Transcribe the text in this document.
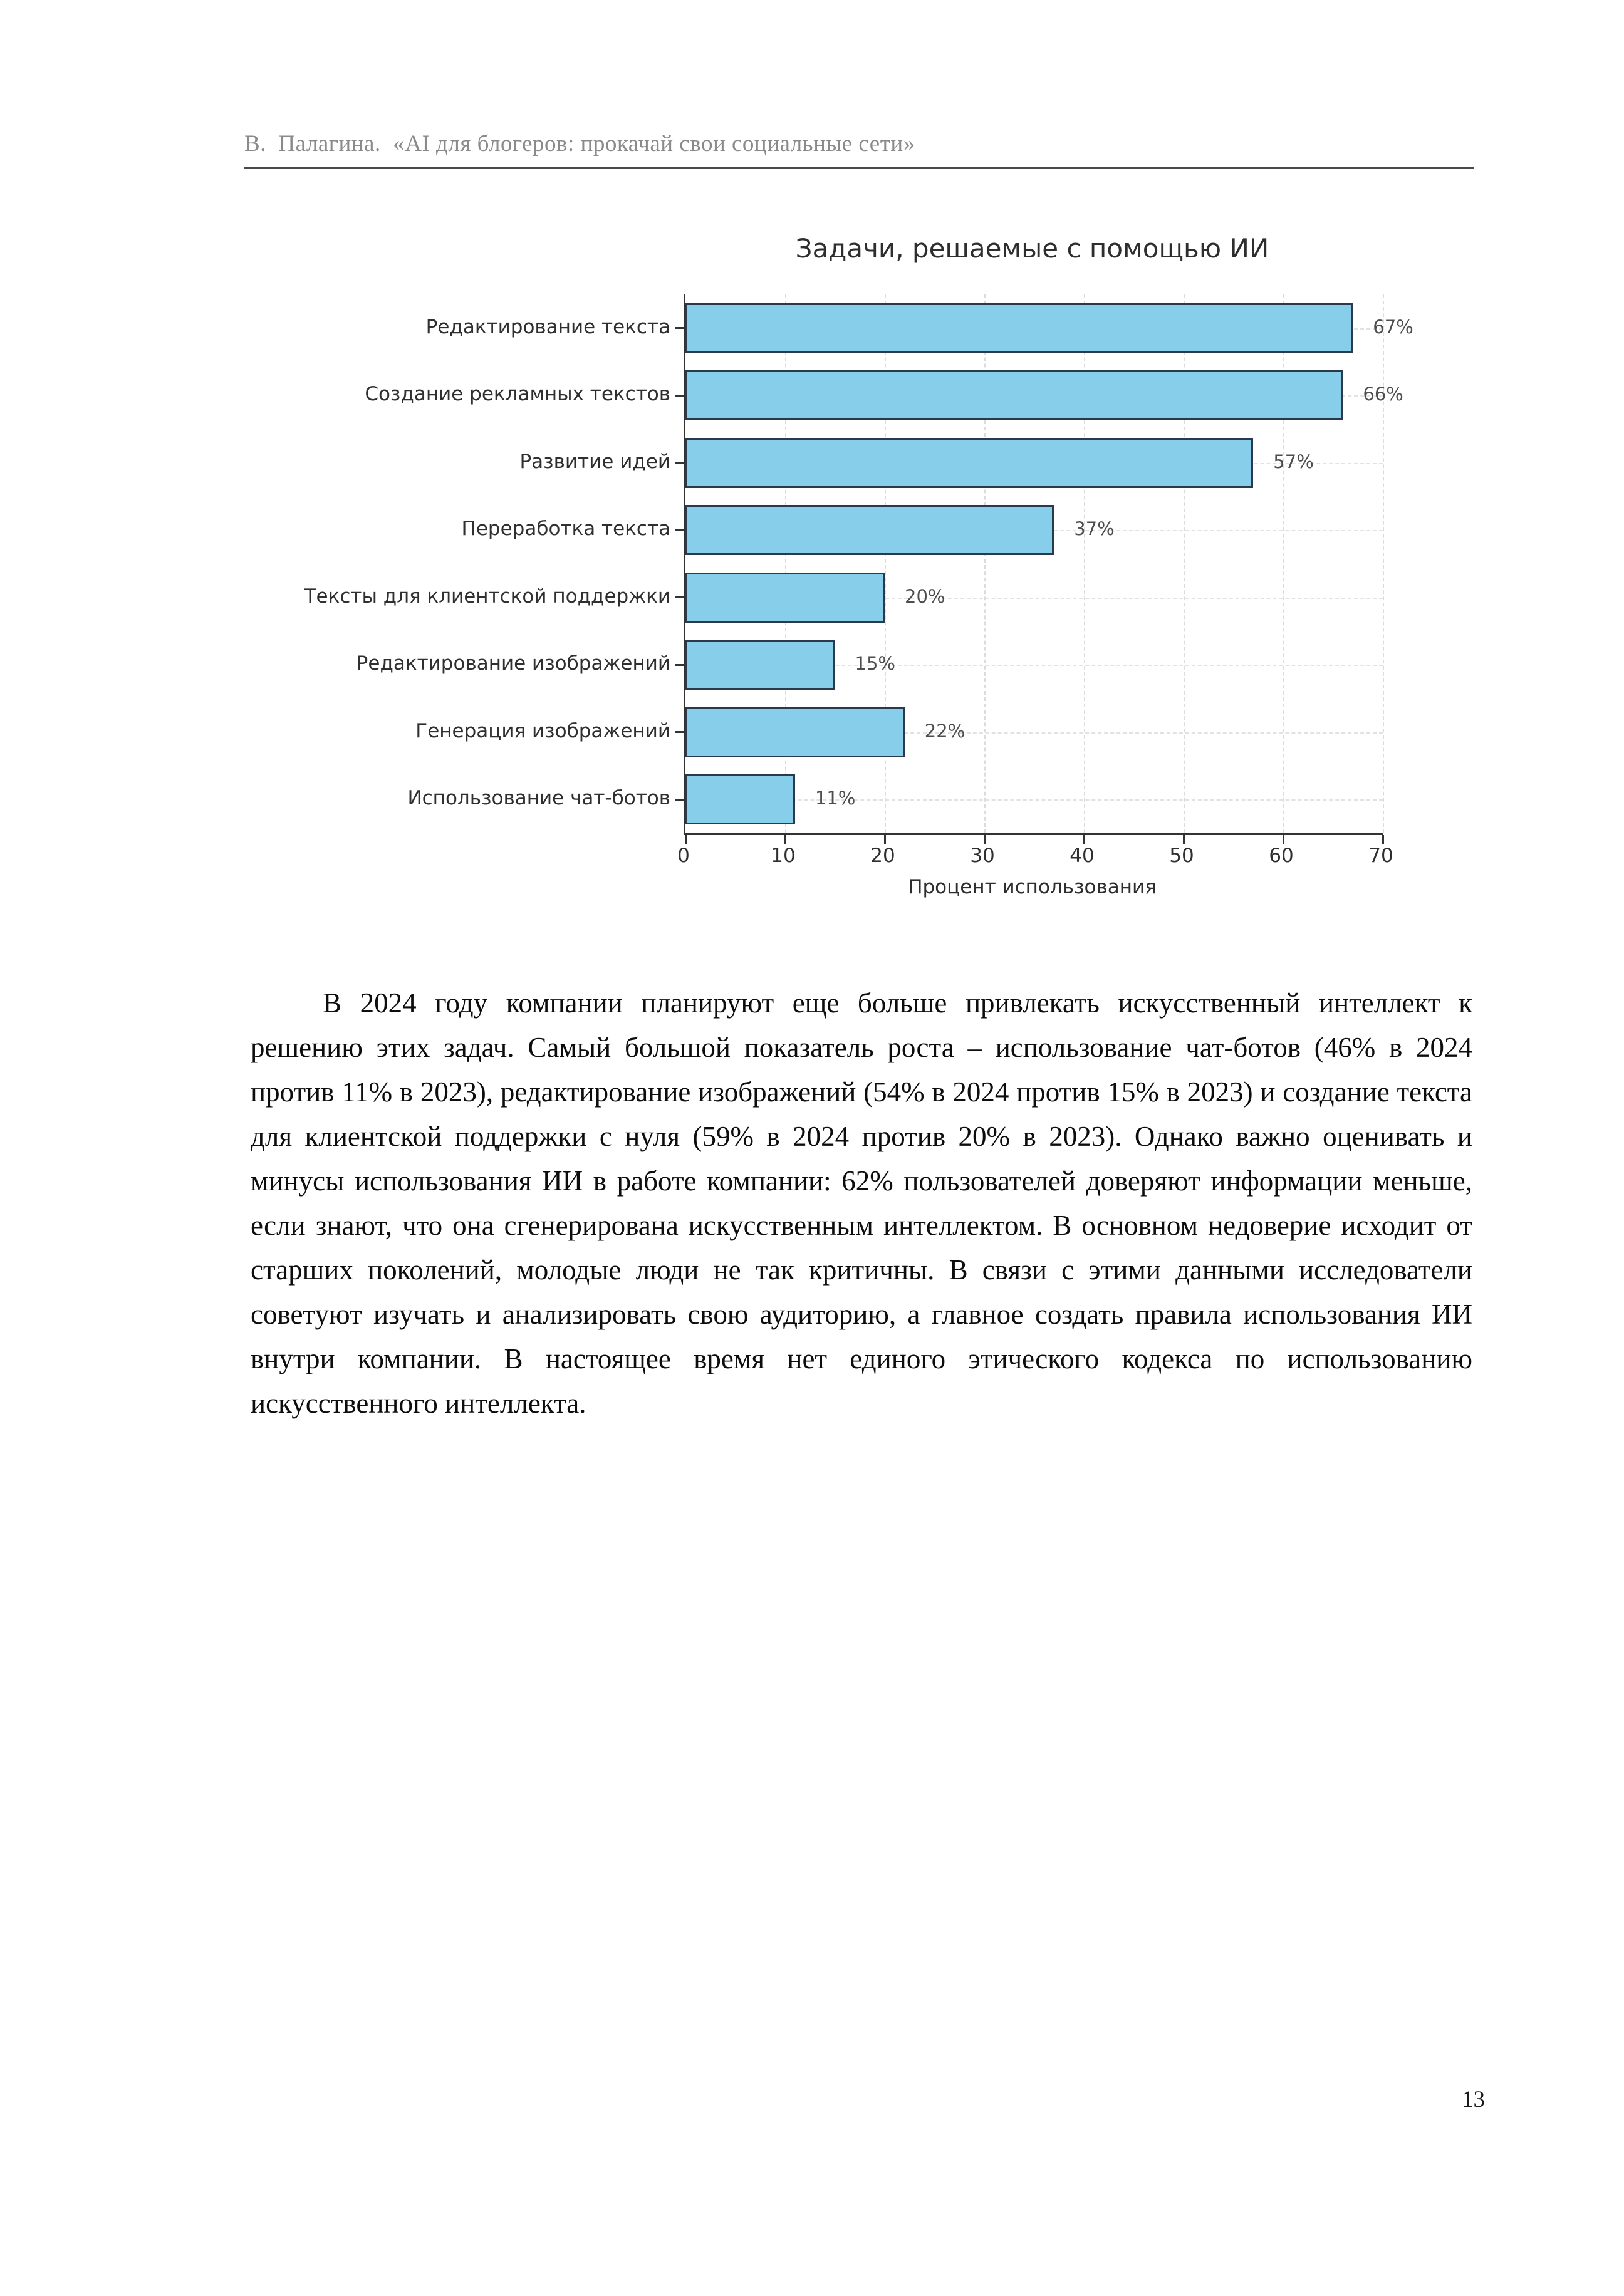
В.  Палагина.  «AI для блогеров: прокачай свои социальные сети»
Задачи, решаемые с помощью ИИ
67%
66%
57%
37%
20%
15%
22%
11%
Редактирование текста
Создание рекламных текстов
Развитие идей
Переработка текста
Тексты для клиентской поддержки
Редактирование изображений
Генерация изображений
Использование чат-ботов
0	10	20	30	40	50	60	70
Процент использования

В 2024 году компании планируют еще больше привлекать искусственный интеллект к решению этих задач. Самый большой показатель роста – использование чат-ботов (46% в 2024 против 11% в 2023), редактирование изображений (54% в 2024 против 15% в 2023) и создание текста для клиентской поддержки с нуля (59% в 2024 против 20% в 2023). Однако важно оценивать и минусы использования ИИ в работе компании: 62% пользователей доверяют информации меньше, если знают, что она сгенерирована искусственным интеллектом. В основном недоверие исходит от старших поколений, молодые люди не так критичны. В связи с этими данными исследователи советуют изучать и анализировать свою аудиторию, а главное создать правила использования ИИ внутри компании. В настоящее время нет единого этического кодекса по использованию искусственного интеллекта.

13
